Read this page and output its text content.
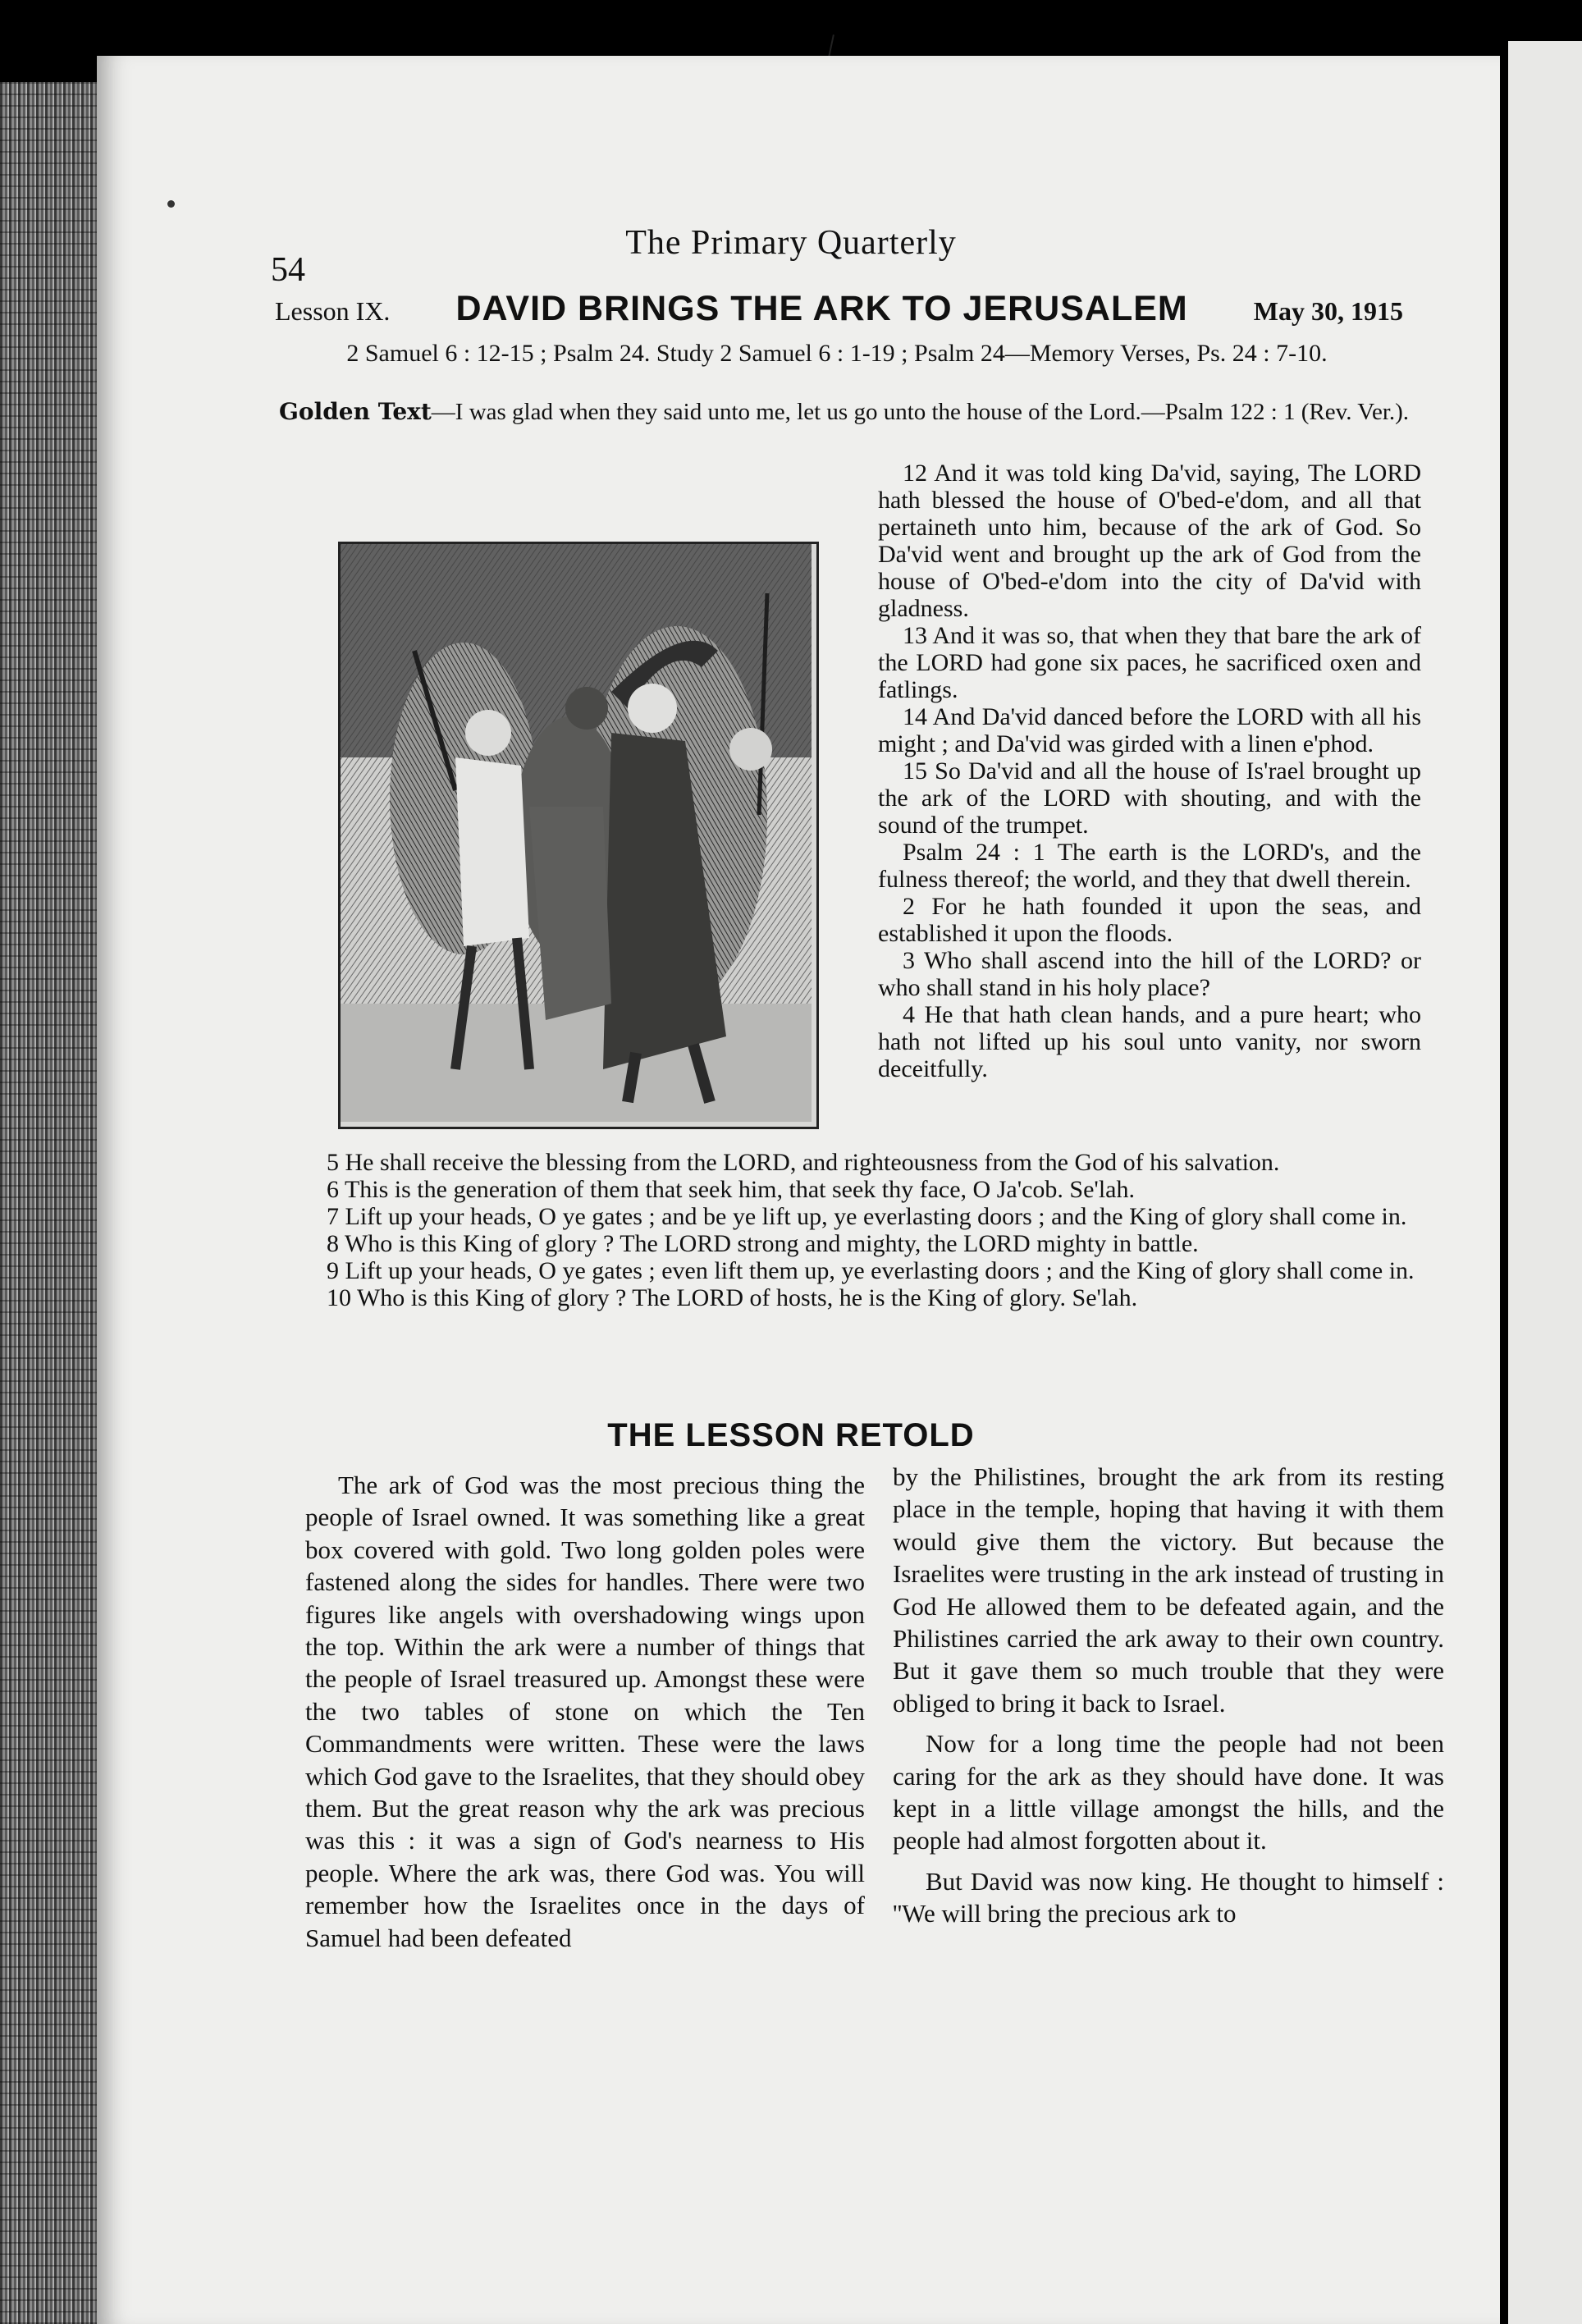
54
The Primary Quarterly
Lesson IX. DAVID BRINGS THE ARK TO JERUSALEM	May 30, 1915
2 Samuel 6 : 12-15 ; Psalm 24. Study 2 Samuel 6 : 1-19 ; Psalm 24—Memory Verses, Ps. 24 : 7-10.
Golden Text—I was glad when they said unto me, let us go unto the house of the Lord.—Psalm 122 : 1 (Rev. Ver.).

12 And it was told king Da'vid, saying, The LORD hath blessed the house of O'bed-e'dom, and all that pertaineth unto him, because of the ark of God. So Da'vid went and brought up the ark of God from the house of O'bed-e'dom into the city of Da'vid with gladness.

13 And it was so, that when they that bare the ark of the LORD had gone six paces, he sacrificed oxen and fatlings.

14 And Da'vid danced before the LORD with all his might ; and Da'vid was girded with a linen e'phod.

15 So Da'vid and all the house of Is'rael brought up the ark of the LORD with shouting, and with the sound of the trumpet.

Psalm 24 : 1 The earth is the LORD's, and the fulness thereof; the world, and they that dwell therein.

2 For he hath founded it upon the seas, and established it upon the floods.

3 Who shall ascend into the hill of the LORD? or who shall stand in his holy place?

4 He that hath clean hands, and a pure heart; who hath not lifted up his soul unto vanity, nor sworn deceitfully.

5 He shall receive the blessing from the LORD, and righteousness from the God of his salvation.

6 This is the generation of them that seek him, that seek thy face, O Ja'cob. Se'lah.

7 Lift up your heads, O ye gates ; and be ye lift up, ye everlasting doors ; and the King of glory shall come in.

8 Who is this King of glory ? The LORD strong and mighty, the LORD mighty in battle.

9 Lift up your heads, O ye gates ; even lift them up, ye everlasting doors ; and the King of glory shall come in.

10 Who is this King of glory ? The LORD of hosts, he is the King of glory. Se'lah.

THE LESSON RETOLD

The ark of God was the most precious thing the people of Israel owned. It was something like a great box covered with gold. Two long golden poles were fastened along the sides for handles. There were two figures like angels with overshadowing wings upon the top. Within the ark were a number of things that the people of Israel treasured up. Amongst these were the two tables of stone on which the Ten Commandments were written. These were the laws which God gave to the Israelites, that they should obey them. But the great reason why the ark was precious was this : it was a sign of God's nearness to His people. Where the ark was, there God was. You will remember how the Israelites once in the days of Samuel had been defeated

by the Philistines, brought the ark from its resting place in the temple, hoping that having it with them would give them the victory. But because the Israelites were trusting in the ark instead of trusting in God He allowed them to be defeated again, and the Philistines carried the ark away to their own country. But it gave them so much trouble that they were obliged to bring it back to Israel.

Now for a long time the people had not been caring for the ark as they should have done. It was kept in a little village amongst the hills, and the people had almost forgotten about it.

But David was now king. He thought to himself : ''We will bring the precious ark to
